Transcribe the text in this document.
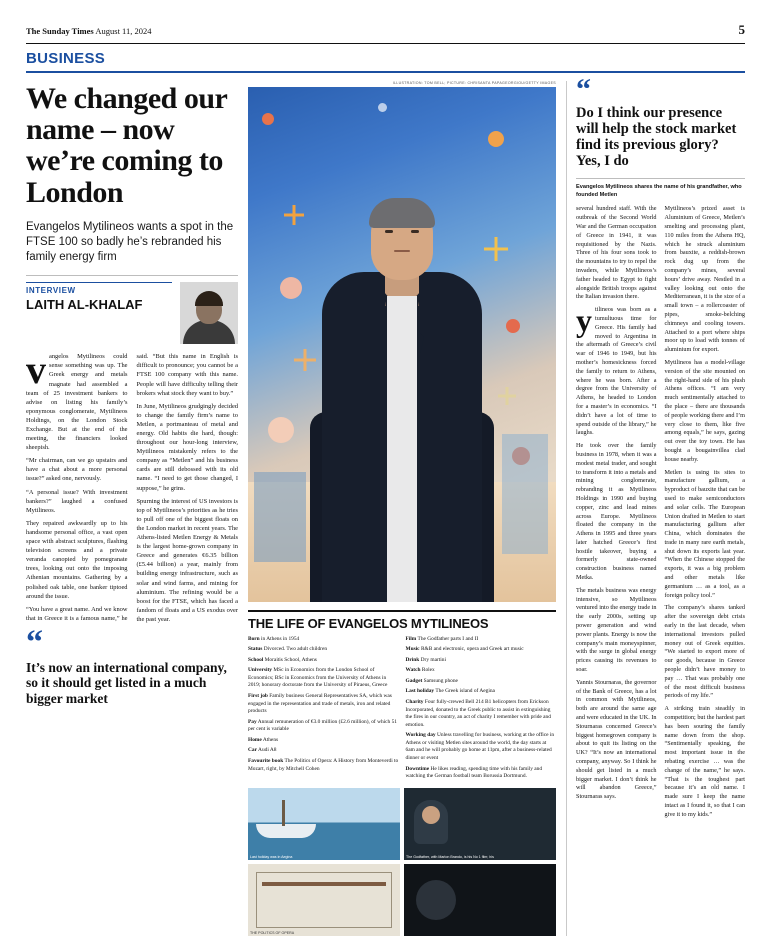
The Sunday Times August 11, 2024	5
BUSINESS
We changed our name – now we’re coming to London
Evangelos Mytilineos wants a spot in the FTSE 100 so badly he’s rebranded his family energy firm
INTERVIEW
LAITH AL-KHALAF

vangelos Mytilineos could sense something was up. The Greek energy and metals magnate had assembled a team of 25 investment bankers to advise on listing his family’s eponymous conglomerate, Mytilineos Holdings, on the London Stock Exchange. But at the end of the meeting, the financiers looked sheepish.

“Mr chairman, can we go upstairs and have a chat about a more personal issue?” asked one, nervously.

“A personal issue? With investment bankers?” laughed a confused Mytilineos.

They repaired awkwardly up to his handsome personal office, a vast open space with abstract sculptures, flashing television screens and a private veranda canopied by pomegranate trees, looking out onto the imposing Athenian mountains. Gathering by a polished oak table, one banker tiptoed around the issue.

“You have a great name. And we know that in Greece it is a famous name,” he said. “But this name in English is difficult to pronounce; you cannot be a FTSE 100 company with this name. People will have difficulty telling their brokers what stock they want to buy.”

In June, Mytilineos grudgingly decided to change the family firm’s name to Metlen, a portmanteau of metal and energy. Old habits die hard, though: throughout our hour-long interview, Mytilineos mistakenly refers to the company as “Metlen” and his business cards are still debossed with its old name. “I need to get those changed, I suppose,” he grins.

Spurning the interest of US investors is top of Mytilineos’s priorities as he tries to pull off one of the biggest floats on the London market in recent years. The Athens-listed Metlen Energy & Metals is the largest home-grown company in Greece and generates €6.35 billion (£5.44 billion) a year, mainly from building energy infrastructure, such as solar and wind farms, and mining for aluminium. The refining would be a boost for the FTSE, which has faced a fandom of floats and a US exodus over the past year.

“
It’s now an international company, so it should get listed in a much bigger market
ILLUSTRATION: TOM BELL; PICTURE: CHRISANTA PAPAGEORGIOU/GETTY IMAGES
THE LIFE OF EVANGELOS MYTILINEOS

Born in Athens in 1954

Status Divorced. Two adult children

School Moraitis School, Athens

University MSc in Economics from the London School of Economics; BSc in Economics from the University of Athens in 2019; honorary doctorate from the University of Piraeus, Greece

First job Family business General Representatives SA, which was engaged in the representation and trade of metals, iron and related products

Pay Annual remuneration of €3.0 million (£2.6 million), of which 51 per cent is variable

Home Athens

Car Audi A8

Favourite book The Politics of Opera: A History from Monteverdi to Mozart, right, by Mitchell Cohen

Film The Godfather parts I and II

Music R&B and electronic, opera and Greek art music

Drink Dry martini

Watch Rolex

Gadget Samsung phone

Last holiday The Greek island of Aegina

Charity Four fully-crewed Bell 214 B1 helicopters from Erickson Incorporated, donated to the Greek public to assist in extinguishing the fires in our country, an act of charity I remember with pride and emotion.

Working day Unless travelling for business, working at the office in Athens or visiting Metlen sites around the world, the day starts at 6am and he will probably go home at 11pm, after a business-related dinner or event

Downtime He likes reading, spending time with his family and watching the German football team Borussia Dortmund.

Last holiday was in Aegina	The Godfather, with Marlon Brando, is his No 1 film; his
THE POLITICS OF OPERA
“
Do I think our presence will help the stock market find its previous glory? Yes, I do
Evangelos Mytilineos shares the name of his grandfather, who founded Metlen

several hundred staff. With the outbreak of the Second World War and the German occupation of Greece in 1941, it was requisitioned by the Nazis. Three of his four sons took to the mountains to try to repel the invaders, while Mytilineos’s father headed to Egypt to fight alongside British troops against the Italian invasion there.

ytilineos was born as a tumultuous time for Greece. His family had moved to Argentina in the aftermath of Greece’s civil war of 1946 to 1949, but his mother’s homesickness forced the family to return to Athens, where he was born. After a degree from the University of Athens, he headed to London for a master’s in economics. “I didn’t have a lot of time to spend outside of the library,” he laughs.

He took over the family business in 1978, when it was a modest metal trader, and sought to transform it into a metals and mining conglomerate, rebranding it as Mytilineos Holdings in 1990 and buying copper, zinc and lead mines across Europe. Mytilineos floated the company in the Athens in 1995 and three years later hatched Greece’s first hostile takeover, buying a formerly state-owned construction business named Metka.

The metals business was energy intensive, so Mytilineos ventured into the energy trade in the early 2000s, setting up power generation and wind power plants. Energy is now the company’s main moneyspinner, with the surge in global energy prices causing its revenues to soar.

Yannis Stournaras, the governor of the Bank of Greece, has a lot in common with Mytilineos, both are around the same age and were educated in the UK. In Stournaras concerned Greece’s biggest homegrown company is about to quit its listing on the UK? “It’s now an international company, anyway. So I think he should get listed in a much bigger market. I don’t think he will abandon Greece,” Stournaras says.

Mytilineos’s prized asset is Aluminium of Greece, Metlen’s smelting and processing plant, 110 miles from the Athens HQ, which he struck aluminium from bauxite, a reddish-brown rock dug up from the company’s mines, several hours’ drive away. Nestled in a valley looking out onto the Mediterranean, it is the size of a small town – a rollercoaster of pipes, smoke-belching chimneys and cooling towers. Attached to a port where ships moor up to load with tonnes of aluminium for export.

Mytilineos has a model-village version of the site mounted on the right-hand side of his plush Athens offices. “I am very much sentimentally attached to the place – there are thousands of people working there and I’m very close to them, like five among equals,” he says, gazing out over the toy town. He has bought a bougainvillea clad house nearby.

Metlen is using its sites to manufacture gallium, a byproduct of bauxite that can be used to make semiconductors and solar cells. The European Union drafted in Metlen to start manufacturing gallium after China, which dominates the trade in many rare earth metals, shut down its exports last year. “When the Chinese stopped the exports, it was a big problem and other metals like germanium … as a tool, as a foreign policy tool.”

The company’s shares tanked after the sovereign debt crisis early in the last decade, when international investors pulled money out of Greek equities. “We started to export more of our goods, because in Greece people didn’t have money to pay … That was probably one of the most difficult business periods of my life.”

A striking train steadily in competition; but the hardest part has been souring the family name down from the shop. “Sentimentally speaking, the most important issue in the rebating exercise … was the change of the name,” he says. “That is the toughest part because it’s an old name. I made sure I keep the name intact as I found it, so that I can give it to my kids.”
